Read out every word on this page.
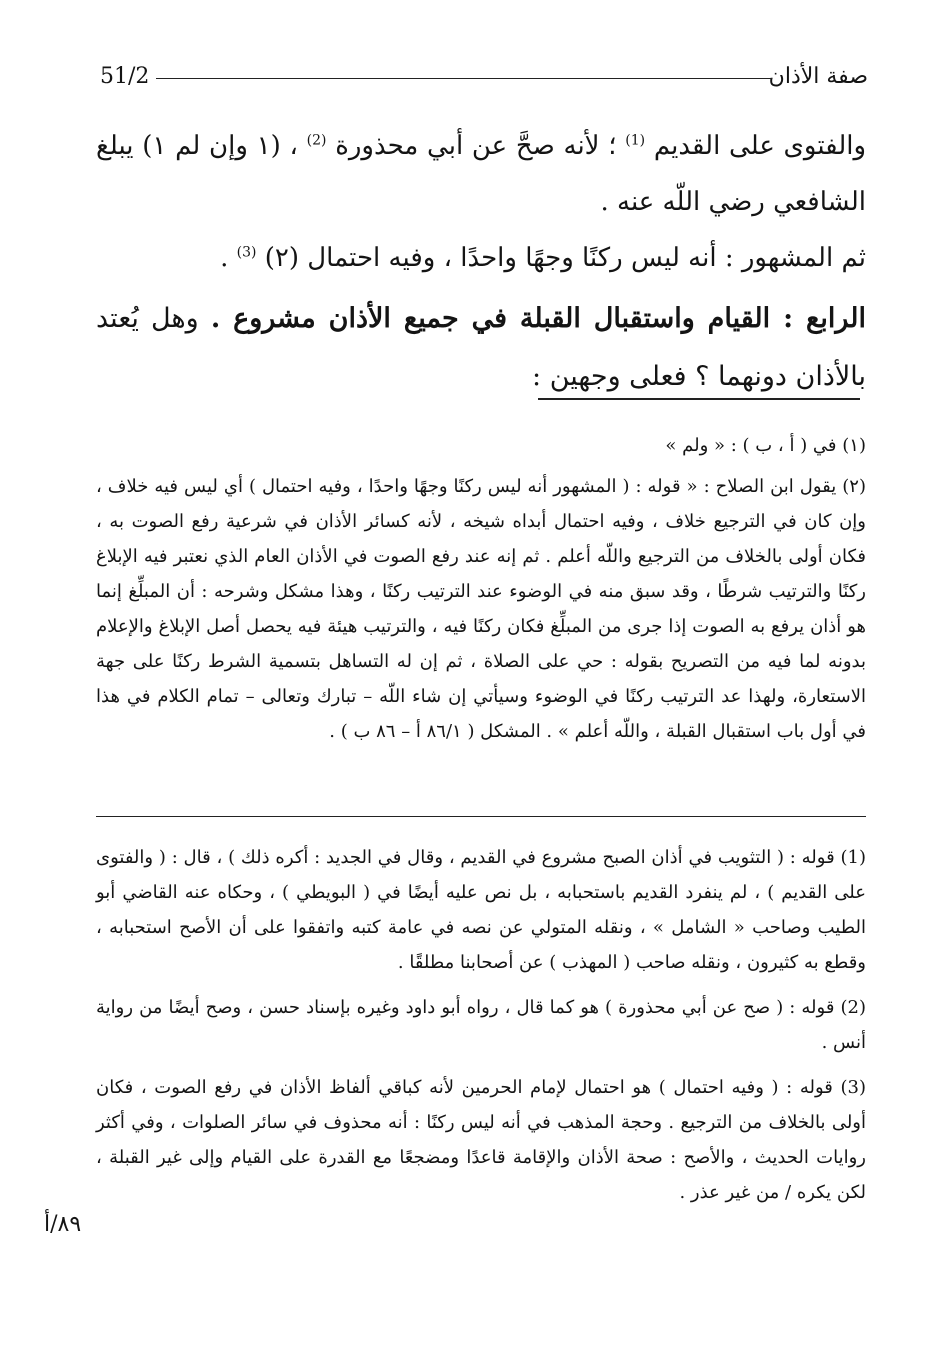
صفة الأذان
51/2

والفتوى على القديم $^{(1)}$ ؛ لأنه صحَّ عن أبي محذورة $^{(2)}$ ، (١ وإن لم ١) يبلغ الشافعي رضي اللّه عنه .

ثم المشهور : أنه ليس ركنًا وجهًا واحدًا ، وفيه احتمال (٢) $^{(3)}$ .

الرابع : القيام واستقبال القبلة في جميع الأذان مشروع . وهل يُعتد بالأذان دونهما ؟ فعلى وجهين :

(١) في ( أ ، ب ) : « ولم »

(٢) يقول ابن الصلاح : « قوله : ( المشهور أنه ليس ركنًا وجهًا واحدًا ، وفيه احتمال ) أي ليس فيه خلاف ، وإن كان في الترجيع خلاف ، وفيه احتمال أبداه شيخه ، لأنه كسائر الأذان في شرعية رفع الصوت به ، فكان أولى بالخلاف من الترجيع واللّه أعلم . ثم إنه عند رفع الصوت في الأذان العام الذي نعتبر فيه الإبلاغ ركنًا والترتيب شرطًا ، وقد سبق منه في الوضوء عند الترتيب ركنًا ، وهذا مشكل وشرحه : أن المبلِّغ إنما هو أذان يرفع به الصوت إذا جرى من المبلِّغ فكان ركنًا فيه ، والترتيب هيئة فيه يحصل أصل الإبلاغ والإعلام بدونه لما فيه من التصريح بقوله : حي على الصلاة ، ثم إن له التساهل بتسمية الشرط ركنًا على جهة الاستعارة، ولهذا عد الترتيب ركنًا في الوضوء وسيأتي إن شاء اللّه – تبارك وتعالى – تمام الكلام في هذا في أول باب استقبال القبلة ، واللّه أعلم » . المشكل ( ٨٦/١ أ – ٨٦ ب ) .

(1) قوله : ( التثويب في أذان الصبح مشروع في القديم ، وقال في الجديد : أكره ذلك ) ، قال : ( والفتوى على القديم ) ، لم ينفرد القديم باستحبابه ، بل نص عليه أيضًا في ( البويطي ) ، وحكاه عنه القاضي أبو الطيب وصاحب « الشامل » ، ونقله المتولي عن نصه في عامة كتبه واتفقوا على أن الأصح استحبابه ، وقطع به كثيرون ، ونقله صاحب ( المهذب ) عن أصحابنا مطلقًا .

(2) قوله : ( صح عن أبي محذورة ) هو كما قال ، رواه أبو داود وغيره بإسناد حسن ، وصح أيضًا من رواية أنس .

(3) قوله : ( وفيه احتمال ) هو احتمال لإمام الحرمين لأنه كباقي ألفاظ الأذان في رفع الصوت ، فكان أولى بالخلاف من الترجيع . وحجة المذهب في أنه ليس ركنًا : أنه محذوف في سائر الصلوات ، وفي أكثر روايات الحديث ، والأصح : صحة الأذان والإقامة قاعدًا ومضجعًا مع القدرة على القيام وإلى غير القبلة ، لكن يكره / من غير عذر .

٨٩/أ
